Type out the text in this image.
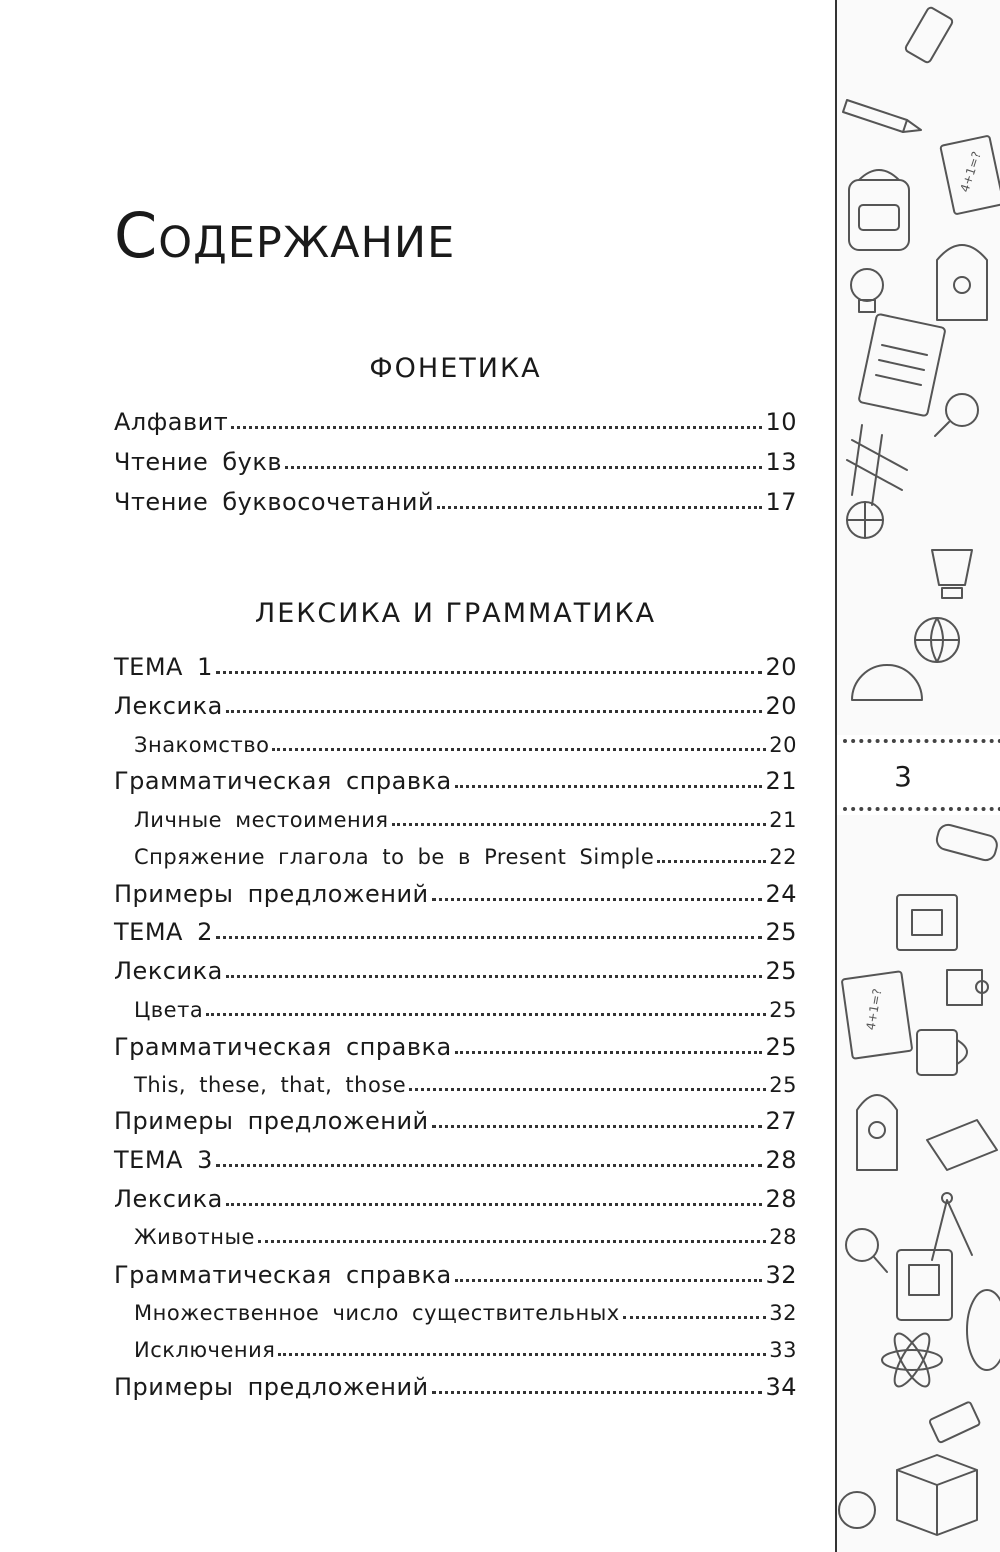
Содержание
ФОНЕТИКА
Алфавит	10
Чтение букв	13
Чтение буквосочетаний	17
ЛЕКСИКА И ГРАММАТИКА
ТЕМА 1	20
Лексика	20
Знакомство	20
Грамматическая справка	21
Личные местоимения	21
Спряжение глагола to be в Present Simple	22
Примеры предложений	24
ТЕМА 2	25
Лексика	25
Цвета	25
Грамматическая справка	25
This, these, that, those	25
Примеры предложений	27
ТЕМА 3	28
Лексика	28
Животные	28
Грамматическая справка	32
Множественное число существительных	32
Исключения	33
Примеры предложений	34
4+1=?
4+1=?
3
